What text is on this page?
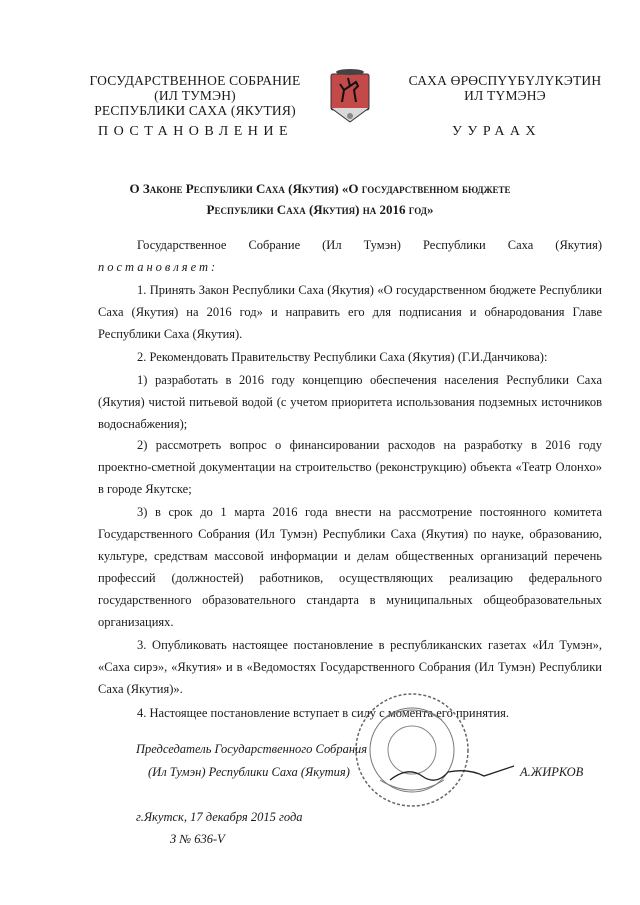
ГОСУДАРСТВЕННОЕ СОБРАНИЕ
(ИЛ ТУМЭН)
РЕСПУБЛИКИ САХА (ЯКУТИЯ)
САХА ӨРӨСПҮҮБҮЛҮКЭТИН
ИЛ ТҮМЭНЭ
ПОСТАНОВЛЕНИЕ	УУРААХ
О Законе Республики Саха (Якутия) «О государственном бюджете
Республики Саха (Якутия) на 2016 год»
Государственное Собрание (Ил Тумэн) Республики Саха (Якутия)
постановляет:
1. Принять Закон Республики Саха (Якутия) «О государственном бюджете Республики Саха (Якутия) на 2016 год» и направить его для подписания и обнародования Главе Республики Саха (Якутия).
2. Рекомендовать Правительству Республики Саха (Якутия) (Г.И.Данчикова):
1) разработать в 2016 году концепцию обеспечения населения Республики Саха (Якутия) чистой питьевой водой (с учетом приоритета использования подземных источников водоснабжения);
2) рассмотреть вопрос о финансировании расходов на разработку в 2016 году проектно-сметной документации на строительство (реконструкцию) объекта «Театр Олонхо» в городе Якутске;
3) в срок до 1 марта 2016 года внести на рассмотрение постоянного комитета Государственного Собрания (Ил Тумэн) Республики Саха (Якутия) по науке, образованию, культуре, средствам массовой информации и делам общественных организаций перечень профессий (должностей) работников, осуществляющих реализацию федерального государственного образовательного стандарта в муниципальных общеобразовательных организациях.
3. Опубликовать настоящее постановление в республиканских газетах «Ил Тумэн», «Саха сирэ», «Якутия» и в «Ведомостях Государственного Собрания (Ил Тумэн) Республики Саха (Якутия)».
4. Настоящее постановление вступает в силу с момента его принятия.
Председатель Государственного Собрания
(Ил Тумэн) Республики Саха (Якутия)	А.ЖИРКОВ
г.Якутск, 17 декабря 2015 года
З № 636-V
